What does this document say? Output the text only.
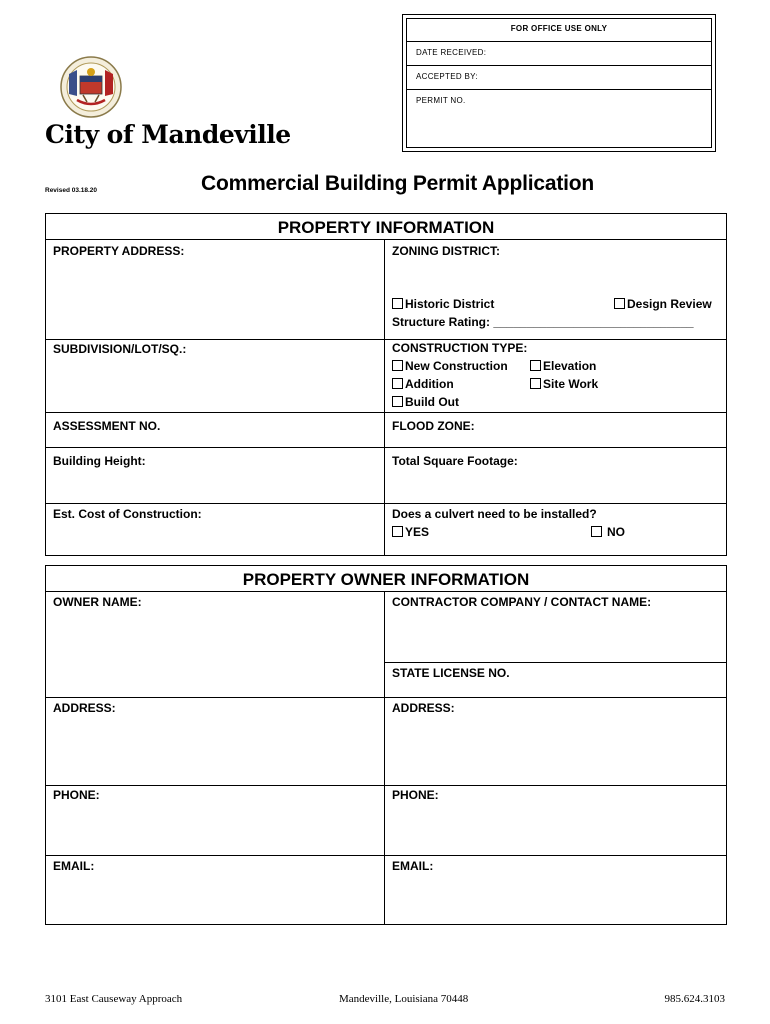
FOR OFFICE USE ONLY
DATE RECEIVED:
ACCEPTED BY:
PERMIT NO.
City of Mandeville
Revised 03.18.20	Commercial Building Permit Application
PROPERTY INFORMATION
PROPERTY ADDRESS:	ZONING DISTRICT:
Historic District	Design Review
Structure Rating: ______________________________
SUBDIVISION/LOT/SQ.:	CONSTRUCTION TYPE:
New Construction	Elevation
Addition	Site Work
Build Out
ASSESSMENT NO.	FLOOD ZONE:
Building Height:	Total Square Footage:
Est. Cost of Construction:	Does a culvert need to be installed?
YES	NO
PROPERTY OWNER INFORMATION
OWNER NAME:	CONTRACTOR COMPANY / CONTACT NAME:
STATE LICENSE NO.
ADDRESS:	ADDRESS:
PHONE:	PHONE:
EMAIL:	EMAIL:
3101 East Causeway Approach	Mandeville, Louisiana 70448	985.624.3103
